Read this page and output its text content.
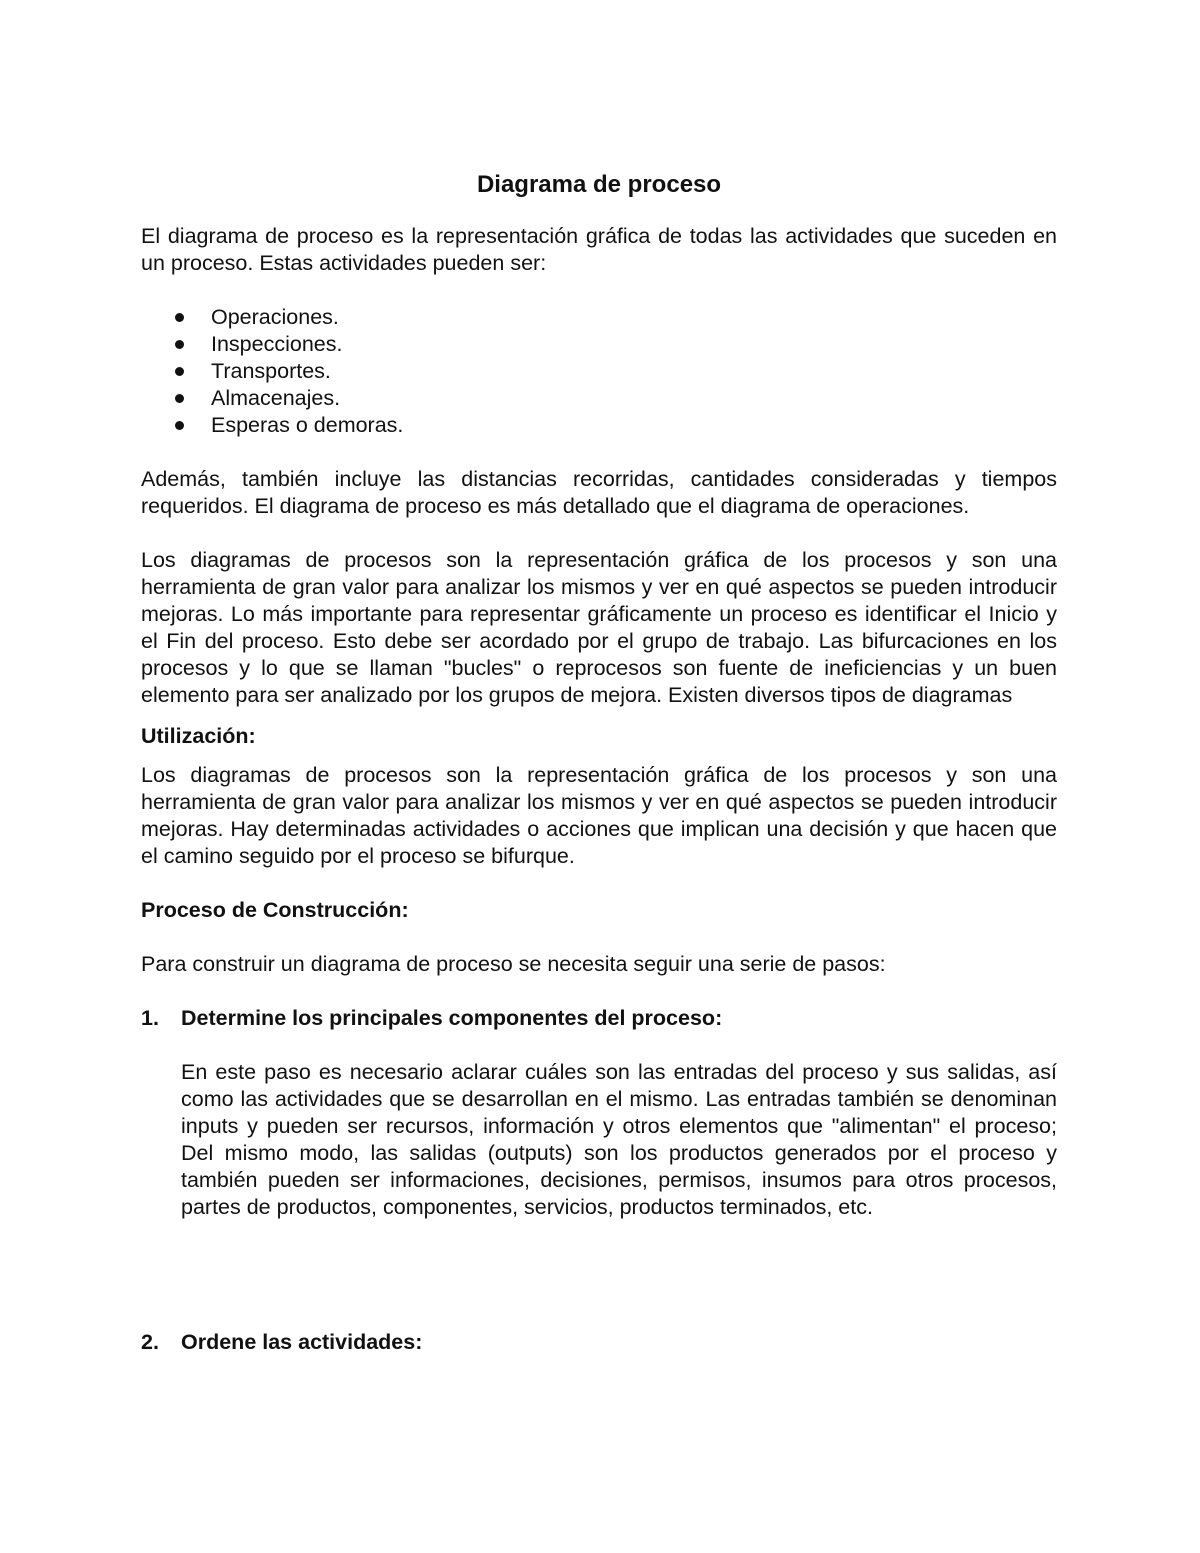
Diagrama de proceso

El diagrama de proceso es la representación gráfica de todas las actividades que suceden en un proceso. Estas actividades pueden ser:

Operaciones.
Inspecciones.
Transportes.
Almacenajes.
Esperas o demoras.

Además, también incluye las distancias recorridas, cantidades consideradas y tiempos requeridos. El diagrama de proceso es más detallado que el diagrama de operaciones.

Los diagramas de procesos son la representación gráfica de los procesos y son una herramienta de gran valor para analizar los mismos y ver en qué aspectos se pueden introducir mejoras. Lo más importante para representar gráficamente un proceso es identificar el Inicio y el Fin del proceso. Esto debe ser acordado por el grupo de trabajo. Las bifurcaciones en los procesos y lo que se llaman "bucles" o reprocesos son fuente de ineficiencias y un buen elemento para ser analizado por los grupos de mejora. Existen diversos tipos de diagramas

Utilización:

Los diagramas de procesos son la representación gráfica de los procesos y son una herramienta de gran valor para analizar los mismos y ver en qué aspectos se pueden introducir mejoras. Hay determinadas actividades o acciones que implican una decisión y que hacen que el camino seguido por el proceso se bifurque.

Proceso de Construcción:

Para construir un diagrama de proceso se necesita seguir una serie de pasos:

1. Determine los principales componentes del proceso:

En este paso es necesario aclarar cuáles son las entradas del proceso y sus salidas, así como las actividades que se desarrollan en el mismo. Las entradas también se denominan inputs y pueden ser recursos, información y otros elementos que "alimentan" el proceso; Del mismo modo, las salidas (outputs) son los productos generados por el proceso y también pueden ser informaciones, decisiones, permisos, insumos para otros procesos, partes de productos, componentes, servicios, productos terminados, etc.

2. Ordene las actividades:
